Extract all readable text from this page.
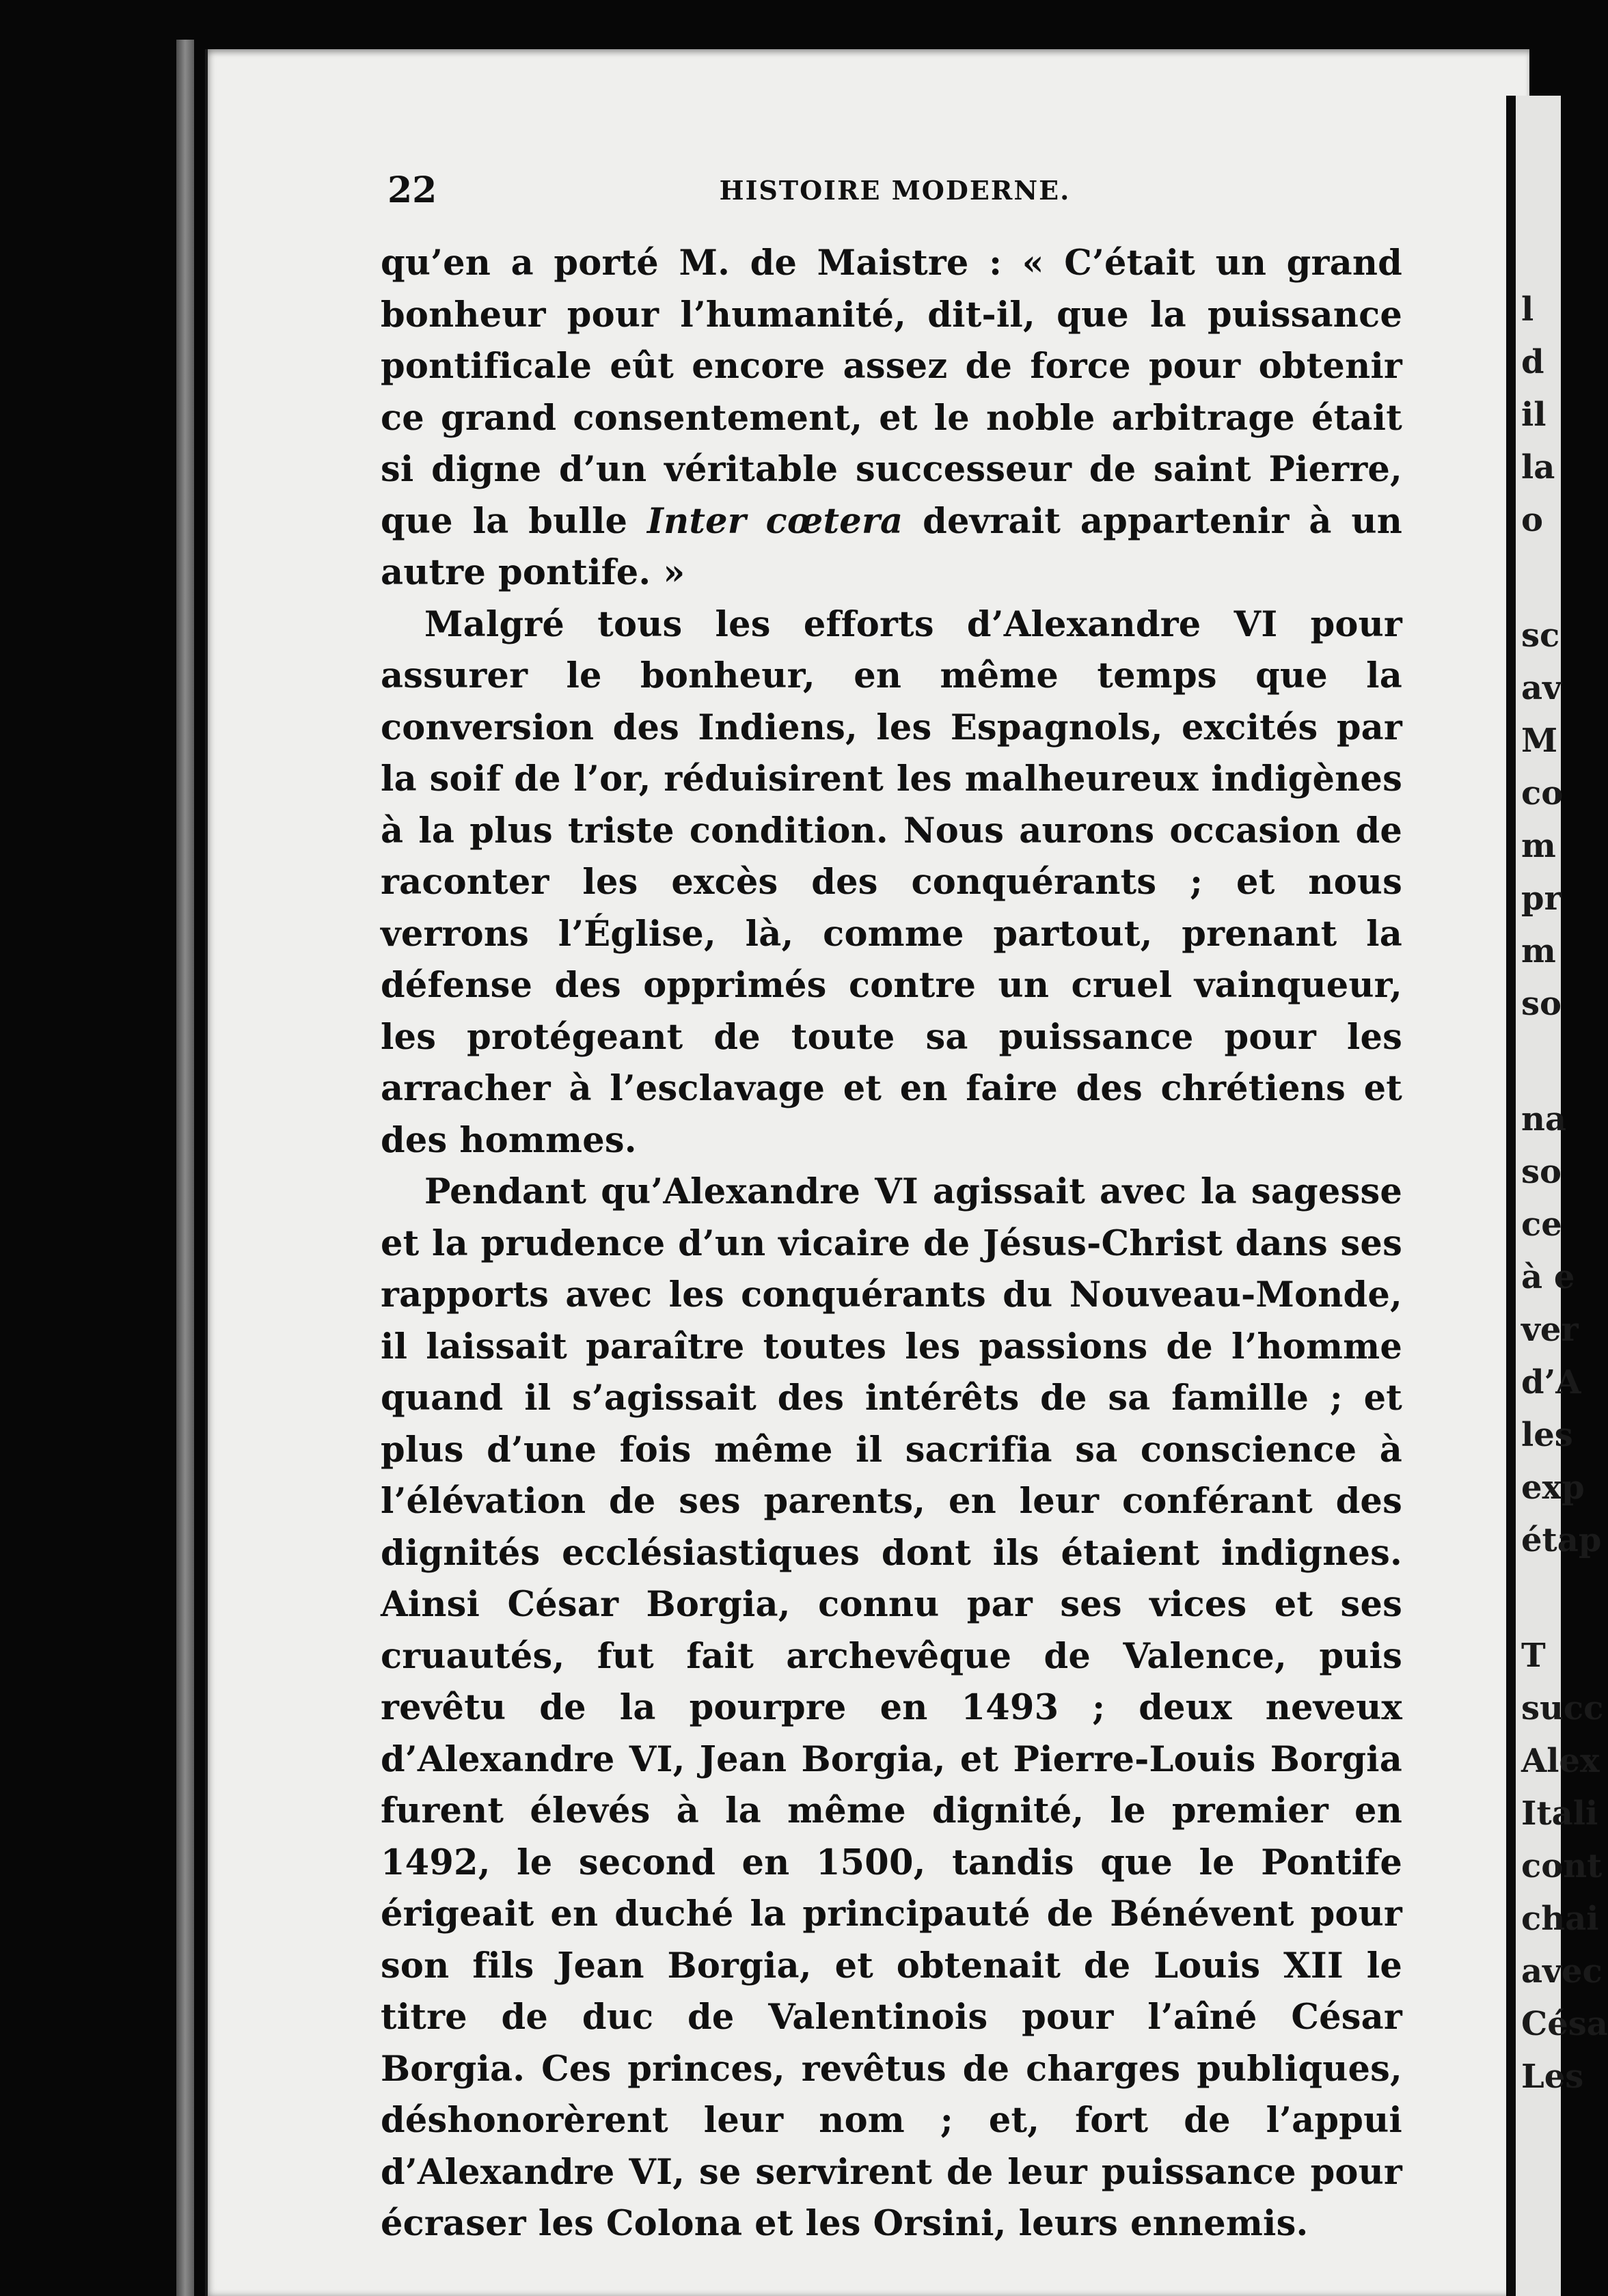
22	HISTOIRE MODERNE.

qu’en a porté M. de Maistre : « C’était un grand bonheur pour l’humanité, dit-il, que la puissance pontificale eût encore assez de force pour obtenir ce grand consentement, et le noble arbitrage était si digne d’un véritable successeur de saint Pierre, que la bulle Inter cœtera devrait appartenir à un autre pontife. »

Malgré tous les efforts d’Alexandre VI pour assurer le bonheur, en même temps que la conversion des Indiens, les Espagnols, excités par la soif de l’or, réduisirent les malheureux indigènes à la plus triste condition. Nous aurons occasion de raconter les excès des conquérants ; et nous verrons l’Église, là, comme partout, prenant la défense des opprimés contre un cruel vainqueur, les protégeant de toute sa puissance pour les arracher à l’esclavage et en faire des chrétiens et des hommes.

Pendant qu’Alexandre VI agissait avec la sagesse et la prudence d’un vicaire de Jésus-Christ dans ses rapports avec les conquérants du Nouveau-Monde, il laissait paraître toutes les passions de l’homme quand il s’agissait des intérêts de sa famille ; et plus d’une fois même il sacrifia sa conscience à l’élévation de ses parents, en leur conférant des dignités ecclésiastiques dont ils étaient indignes. Ainsi César Borgia, connu par ses vices et ses cruautés, fut fait archevêque de Valence, puis revêtu de la pourpre en 1493 ; deux neveux d’Alexandre VI, Jean Borgia, et Pierre-Louis Borgia furent élevés à la même dignité, le premier en 1492, le second en 1500, tandis que le Pontife érigeait en duché la principauté de Bénévent pour son fils Jean Borgia, et obtenait de Louis XII le titre de duc de Valentinois pour l’aîné César Borgia. Ces princes, revêtus de charges publiques, déshonorèrent leur nom ; et, fort de l’appui d’Alexandre VI, se servirent de leur puissance pour écraser les Colona et les Orsini, leurs ennemis.

l
d
il
la
o
sc
av
M
co
m
pr
m
so
na
so
ce
à e
ver
d’A
les
exp
étap
T
succ
Alex
Itali
cont
chai
avec
Césa
Les
